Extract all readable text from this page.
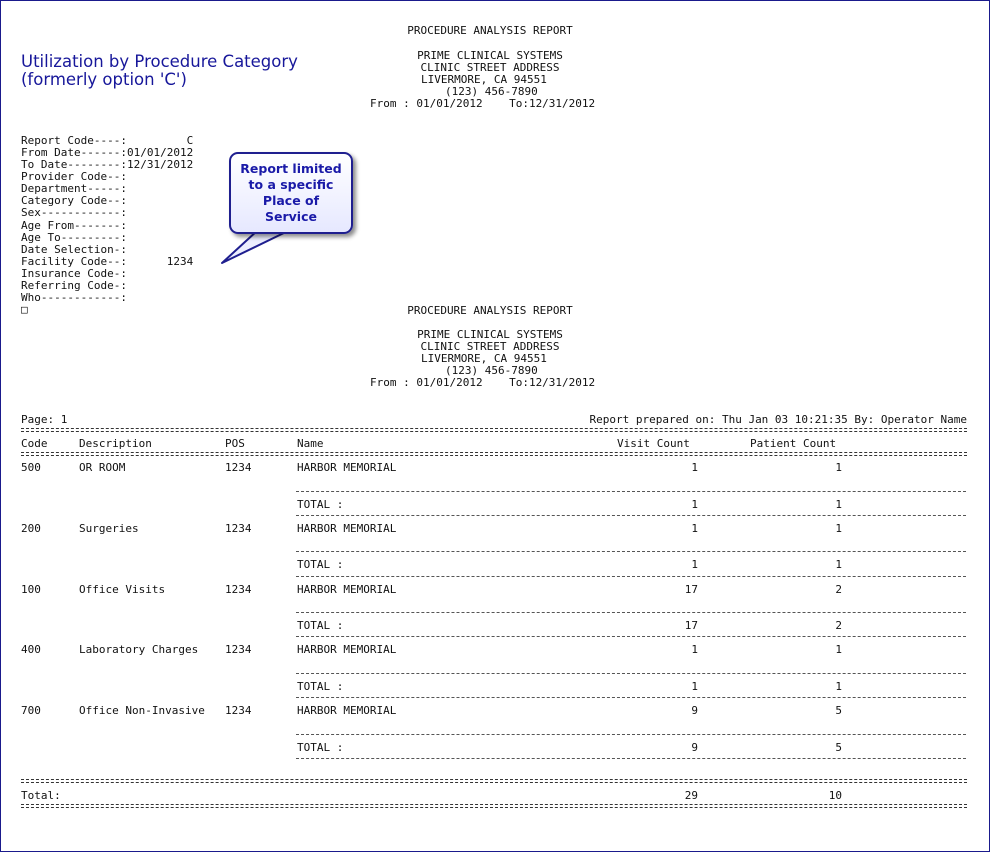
Utilization by Procedure Category
(formerly option 'C')
PROCEDURE ANALYSIS REPORT
PRIME CLINICAL SYSTEMS
CLINIC STREET ADDRESS
LIVERMORE, CA 94551
(123) 456-7890
From : 01/01/2012    To:12/31/2012
Report Code----:         C
From Date------:01/01/2012
To Date--------:12/31/2012
Provider Code--:
Department-----:
Category Code--:
Sex------------:
Age From-------:
Age To---------:
Date Selection-:
Facility Code--:      1234
Insurance Code-:
Referring Code-:
Who------------:
□
Report limited to a specific Place of Service
PROCEDURE ANALYSIS REPORT
PRIME CLINICAL SYSTEMS
CLINIC STREET ADDRESS
LIVERMORE, CA 94551
(123) 456-7890
From : 01/01/2012    To:12/31/2012
Page: 1	Report prepared on: Thu Jan 03 10:21:35 By: Operator Name
Code	Description	POS	Name	Visit Count	Patient Count
500	OR ROOM	1234	HARBOR MEMORIAL	1	1
TOTAL :	1	1
200	Surgeries	1234	HARBOR MEMORIAL	1	1
TOTAL :	1	1
100	Office Visits	1234	HARBOR MEMORIAL	17	2
TOTAL :	17	2
400	Laboratory Charges 1234	HARBOR MEMORIAL	1	1
TOTAL :	1	1
700	Office Non-Invasive 1234	HARBOR MEMORIAL	9	5
TOTAL :	9	5
Total:	29	10
